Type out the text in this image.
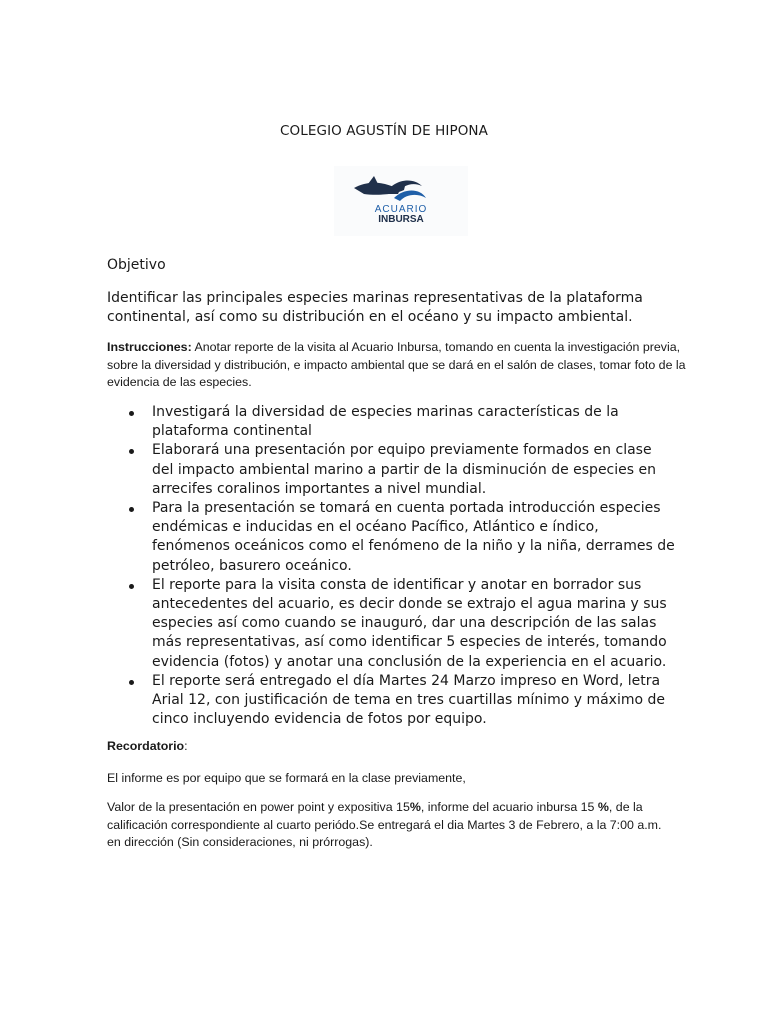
COLEGIO AGUSTÍN DE HIPONA
ACUARIO
INBURSA
Objetivo
Identificar las principales especies marinas representativas de la plataforma continental, así como su distribución en el océano y su impacto ambiental.
Instrucciones: Anotar reporte de la visita al Acuario Inbursa, tomando en cuenta la investigación previa, sobre la diversidad y distribución, e impacto ambiental que se dará en el salón de clases, tomar foto de la evidencia de las especies.
Investigará la diversidad de especies marinas características de la plataforma continental
Elaborará una presentación por equipo previamente formados en clase del impacto ambiental marino a partir de la disminución de especies en arrecifes coralinos importantes a nivel mundial.
Para la presentación se tomará en cuenta portada introducción especies endémicas e inducidas en el océano Pacífico, Atlántico e índico, fenómenos oceánicos como el fenómeno de la niño y la niña, derrames de petróleo, basurero oceánico.
El reporte para la visita consta de identificar y anotar en borrador sus antecedentes del acuario, es decir donde se extrajo el agua marina y sus especies así como cuando se inauguró, dar una descripción de las salas más representativas, así como identificar 5 especies de interés, tomando evidencia (fotos) y anotar una conclusión de la experiencia en el acuario.
El reporte será entregado el día Martes 24 Marzo impreso en Word, letra Arial 12, con justificación de tema en tres cuartillas mínimo y máximo de cinco incluyendo evidencia de fotos por equipo.
Recordatorio:
El informe es por equipo que se formará en la clase previamente,
Valor de la presentación en power point y expositiva 15%, informe del acuario inbursa 15 %, de la calificación correspondiente al cuarto periódo.Se entregará el dia Martes 3 de Febrero, a la 7:00 a.m. en dirección (Sin consideraciones, ni prórrogas).
